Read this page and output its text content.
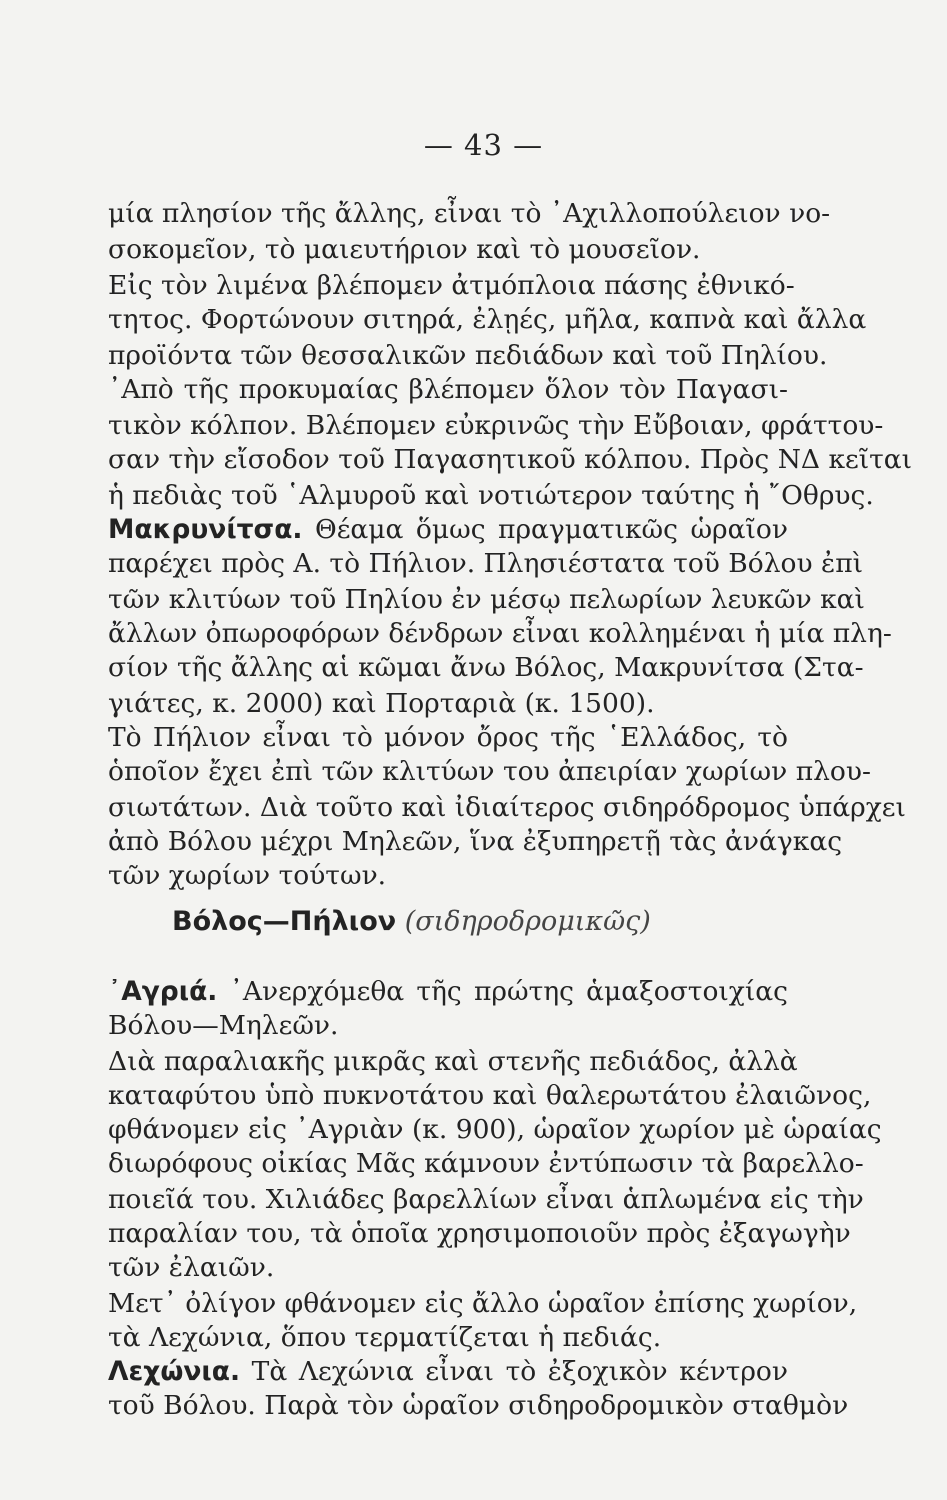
— 43 —
μία πλησίον τῆς ἄλλης, εἶναι τὸ ᾿Αχιλλοπούλειον νο-
σοκομεῖον, τὸ μαιευτήριον καὶ τὸ μουσεῖον.
Εἰς τὸν λιμένα βλέπομεν ἀτμόπλοια πάσης ἐθνικό-
τητος. Φορτώνουν σιτηρά, ἐλῃές, μῆλα, καπνὰ καὶ ἄλλα
προϊόντα τῶν θεσσαλικῶν πεδιάδων καὶ τοῦ Πηλίου.
᾿Απὸ τῆς προκυμαίας βλέπομεν ὅλον τὸν Παγασι-
τικὸν κόλπον. Βλέπομεν εὐκρινῶς τὴν Εὔβοιαν, φράττου-
σαν τὴν εἴσοδον τοῦ Παγασητικοῦ κόλπου. Πρὸς ΝΔ κεῖται
ἡ πεδιὰς τοῦ ῾Αλμυροῦ καὶ νοτιώτερον ταύτης ἡ ῎Οθρυς.
Μακρυνίτσα. Θέαμα ὅμως πραγματικῶς ὡραῖον
παρέχει πρὸς Α. τὸ Πήλιον. Πλησιέστατα τοῦ Βόλου ἐπὶ
τῶν κλιτύων τοῦ Πηλίου ἐν μέσῳ πελωρίων λευκῶν καὶ
ἄλλων ὀπωροφόρων δένδρων εἶναι κολλημέναι ἡ μία πλη-
σίον τῆς ἄλλης αἱ κῶμαι ἄνω Βόλος, Μακρυνίτσα (Στα-
γιάτες, κ. 2000) καὶ Πορταριὰ (κ. 1500).
Τὸ Πήλιον εἶναι τὸ μόνον ὄρος τῆς ῾Ελλάδος, τὸ
ὁποῖον ἔχει ἐπὶ τῶν κλιτύων του ἀπειρίαν χωρίων πλου-
σιωτάτων. Διὰ τοῦτο καὶ ἰδιαίτερος σιδηρόδρομος ὑπάρχει
ἀπὸ Βόλου μέχρι Μηλεῶν, ἵνα ἐξυπηρετῇ τὰς ἀνάγκας
τῶν χωρίων τούτων.
Βόλος—Πήλιον (σιδηροδρομικῶς)
᾿Αγριά. ᾿Ανερχόμεθα τῆς πρώτης ἁμαξοστοιχίας
Βόλου—Μηλεῶν.
Διὰ παραλιακῆς μικρᾶς καὶ στενῆς πεδιάδος, ἀλλὰ
καταφύτου ὑπὸ πυκνοτάτου καὶ θαλερωτάτου ἐλαιῶνος,
φθάνομεν εἰς ᾿Αγριὰν (κ. 900), ὡραῖον χωρίον μὲ ὡραίας
διωρόφους οἰκίας Μᾶς κάμνουν ἐντύπωσιν τὰ βαρελλο-
ποιεῖά του. Χιλιάδες βαρελλίων εἶναι ἁπλωμένα εἰς τὴν
παραλίαν του, τὰ ὁποῖα χρησιμοποιοῦν πρὸς ἐξαγωγὴν
τῶν ἐλαιῶν.
Μετ᾿ ὀλίγον φθάνομεν εἰς ἄλλο ὡραῖον ἐπίσης χωρίον,
τὰ Λεχώνια, ὅπου τερματίζεται ἡ πεδιάς.
Λεχώνια. Τὰ Λεχώνια εἶναι τὸ ἐξοχικὸν κέντρον
τοῦ Βόλου. Παρὰ τὸν ὡραῖον σιδηροδρομικὸν σταθμὸν
